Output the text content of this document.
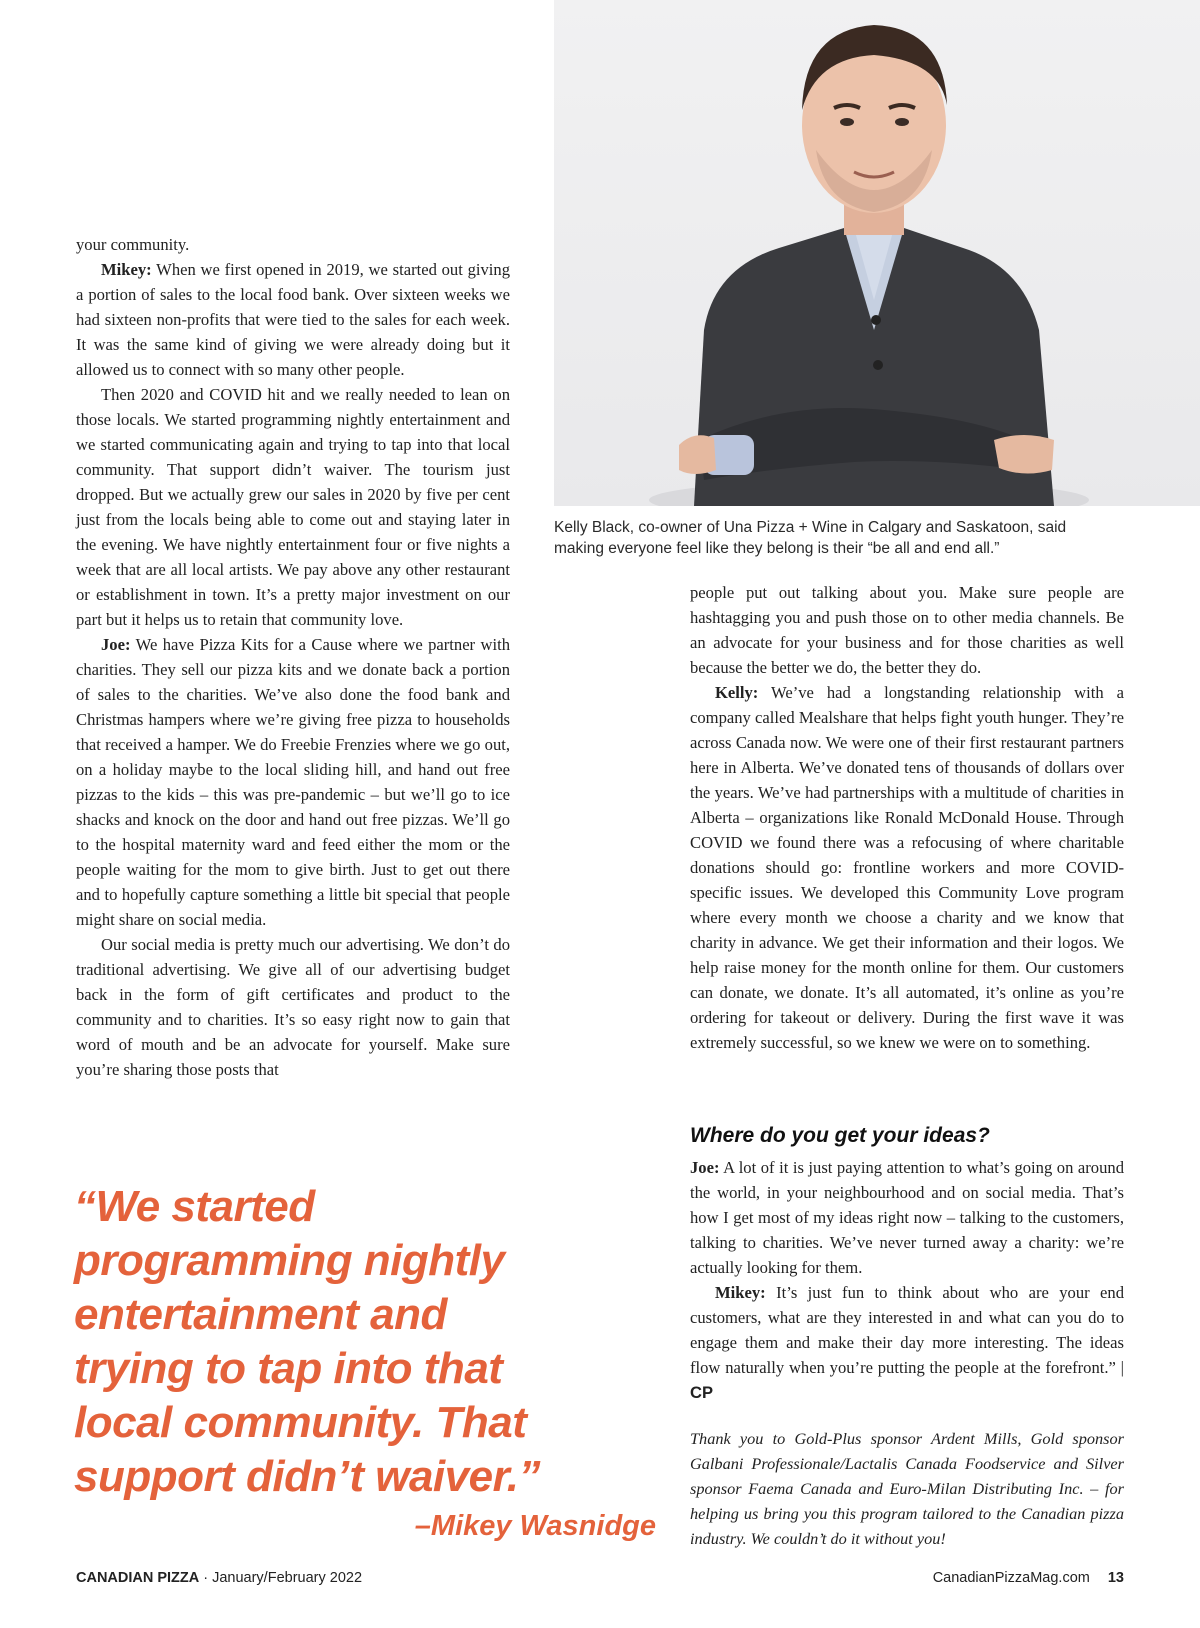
your community.

Mikey: When we first opened in 2019, we started out giving a portion of sales to the local food bank. Over sixteen weeks we had sixteen non-profits that were tied to the sales for each week. It was the same kind of giving we were already doing but it allowed us to connect with so many other people.

Then 2020 and COVID hit and we really needed to lean on those locals. We started programming nightly entertainment and we started communicating again and trying to tap into that local community. That support didn’t waiver. The tourism just dropped. But we actually grew our sales in 2020 by five per cent just from the locals being able to come out and staying later in the evening. We have nightly entertainment four or five nights a week that are all local artists. We pay above any other restaurant or establishment in town. It’s a pretty major investment on our part but it helps us to retain that community love.

Joe: We have Pizza Kits for a Cause where we partner with charities. They sell our pizza kits and we donate back a portion of sales to the charities. We’ve also done the food bank and Christmas hampers where we’re giving free pizza to households that received a hamper. We do Freebie Frenzies where we go out, on a holiday maybe to the local sliding hill, and hand out free pizzas to the kids – this was pre-pandemic – but we’ll go to ice shacks and knock on the door and hand out free pizzas. We’ll go to the hospital maternity ward and feed either the mom or the people waiting for the mom to give birth. Just to get out there and to hopefully capture something a little bit special that people might share on social media.

Our social media is pretty much our advertising. We don’t do traditional advertising. We give all of our advertising budget back in the form of gift certificates and product to the community and to charities. It’s so easy right now to gain that word of mouth and be an advocate for yourself. Make sure you’re sharing those posts that

Kelly Black, co-owner of Una Pizza + Wine in Calgary and Saskatoon, said
making everyone feel like they belong is their “be all and end all.”

people put out talking about you. Make sure people are hashtagging you and push those on to other media channels. Be an advocate for your business and for those charities as well because the better we do, the better they do.

Kelly: We’ve had a longstanding relationship with a company called Mealshare that helps fight youth hunger. They’re across Canada now. We were one of their first restaurant partners here in Alberta. We’ve donated tens of thousands of dollars over the years. We’ve had partnerships with a multitude of charities in Alberta – organizations like Ronald McDonald House. Through COVID we found there was a refocusing of where charitable donations should go: frontline workers and more COVID-specific issues. We developed this Community Love program where every month we choose a charity and we know that charity in advance. We get their information and their logos. We help raise money for the month online for them. Our customers can donate, we donate. It’s all automated, it’s online as you’re ordering for takeout or delivery. During the first wave it was extremely successful, so we knew we were on to something.

Where do you get your ideas?

Joe: A lot of it is just paying attention to what’s going on around the world, in your neighbourhood and on social media. That’s how I get most of my ideas right now – talking to the customers, talking to charities. We’ve never turned away a charity: we’re actually looking for them.

Mikey: It’s just fun to think about who are your end customers, what are they interested in and what can you do to engage them and make their day more interesting. The ideas flow naturally when you’re putting the people at the forefront.” | CP

Thank you to Gold-Plus sponsor Ardent Mills, Gold sponsor Galbani Professionale/Lactalis Canada Foodservice and Silver sponsor Faema Canada and Euro-Milan Distributing Inc. – for helping us bring you this program tailored to the Canadian pizza industry. We couldn’t do it without you!
“We started
programming nightly
entertainment and
trying to tap into that
local community. That
support didn’t waiver.”
–Mikey Wasnidge
CANADIAN PIZZA · January/February 2022	CanadianPizzaMag.com 13
